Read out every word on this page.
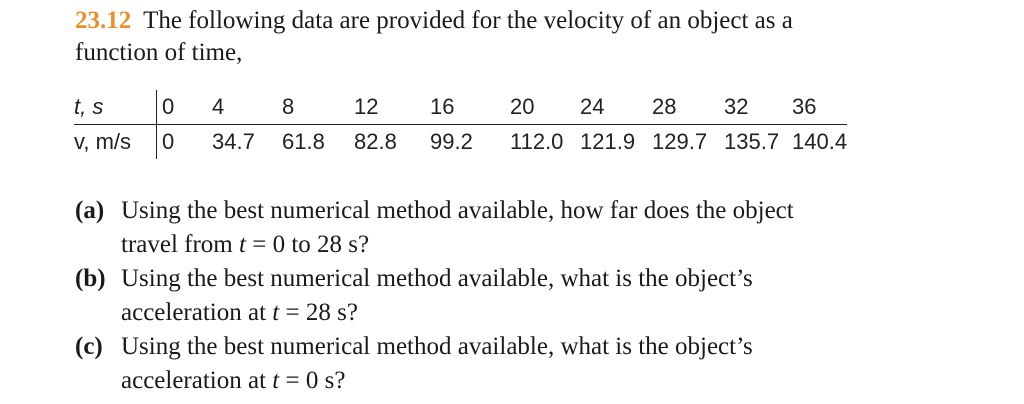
23.12 The following data are provided for the velocity of an object as a function of time,
t, s	0	4	8	12	16	20	24	28	32	36
v, m/s	0	34.7	61.8	82.8	99.2	112.0	121.9	129.7	135.7	140.4
(a) Using the best numerical method available, how far does the object travel from t = 0 to 28 s?
(b) Using the best numerical method available, what is the object’s acceleration at t = 28 s?
(c) Using the best numerical method available, what is the object’s acceleration at t = 0 s?
